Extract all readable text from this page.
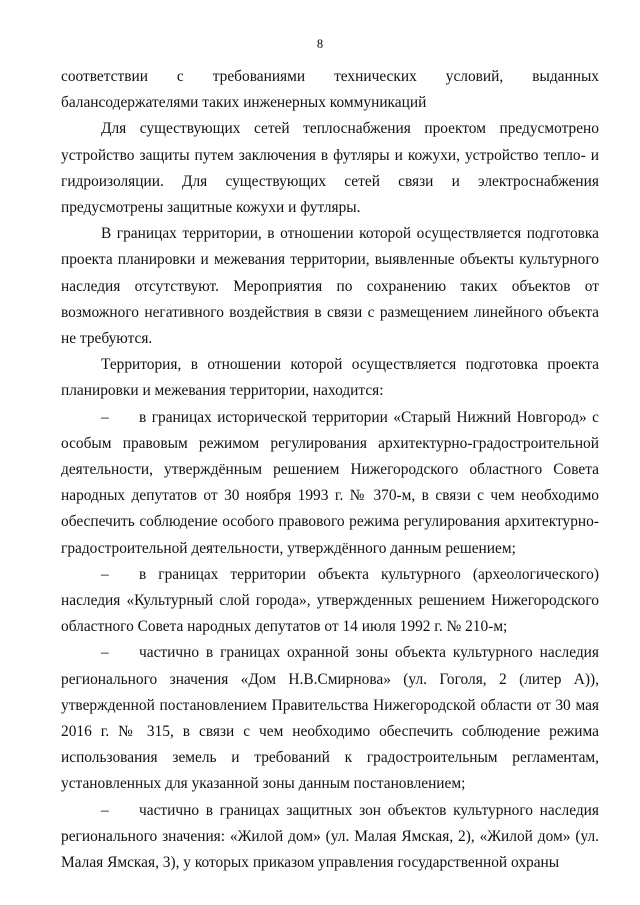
8

соответствии с требованиями технических условий, выданных балансодержателями таких инженерных коммуникаций

Для существующих сетей теплоснабжения проектом предусмотрено устройство защиты путем заключения в футляры и кожухи, устройство тепло- и гидроизоляции. Для существующих сетей связи и электроснабжения предусмотрены защитные кожухи и футляры.

В границах территории, в отношении которой осуществляется подготовка проекта планировки и межевания территории, выявленные объекты культурного наследия отсутствуют. Мероприятия по сохранению таких объектов от возможного негативного воздействия в связи с размещением линейного объекта не требуются.

Территория, в отношении которой осуществляется подготовка проекта планировки и межевания территории, находится:

– в границах исторической территории «Старый Нижний Новгород» с особым правовым режимом регулирования архитектурно-градостроительной деятельности, утверждённым решением Нижегородского областного Совета народных депутатов от 30 ноября 1993 г. № 370-м, в связи с чем необходимо обеспечить соблюдение особого правового режима регулирования архитектурно-градостроительной деятельности, утверждённого данным решением;

– в границах территории объекта культурного (археологического) наследия «Культурный слой города», утвержденных решением Нижегородского областного Совета народных депутатов от 14 июля 1992 г. № 210-м;

– частично в границах охранной зоны объекта культурного наследия регионального значения «Дом Н.В.Смирнова» (ул. Гоголя, 2 (литер А)), утвержденной постановлением Правительства Нижегородской области от 30 мая 2016 г. № 315, в связи с чем необходимо обеспечить соблюдение режима использования земель и требований к градостроительным регламентам, установленных для указанной зоны данным постановлением;

– частично в границах защитных зон объектов культурного наследия регионального значения: «Жилой дом» (ул. Малая Ямская, 2), «Жилой дом» (ул. Малая Ямская, 3), у которых приказом управления государственной охраны
